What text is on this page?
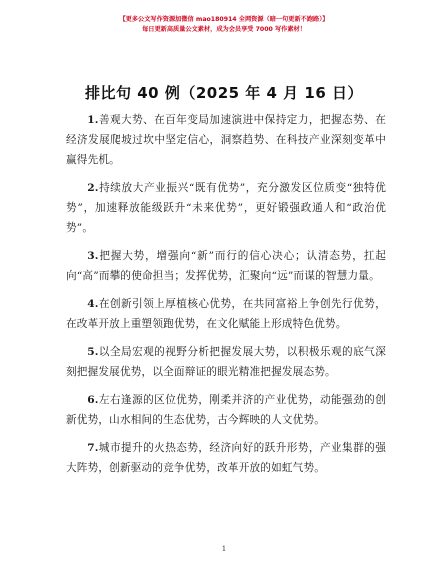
【更多公文写作资源加微信 mao180914 全网资源（暗一句更新不跑路）】
每日更新高质量公文素材，成为会员享受 7000 写作素材！
排比句 40 例（2025 年 4 月 16 日）

1.善观大势、在百年变局加速演进中保持定力，把握态势、在经济发展爬坡过坎中坚定信心，洞察趋势、在科技产业深刻变革中赢得先机。

2.持续放大产业振兴“既有优势”，充分激发区位质变“独特优势”，加速释放能级跃升“未来优势”，更好锻强政通人和“政治优势”。

3.把握大势，增强向“新”而行的信心决心；认清态势，扛起向“高”而攀的使命担当；发挥优势，汇聚向“远”而谋的智慧力量。

4.在创新引领上厚植核心优势，在共同富裕上争创先行优势，在改革开放上重塑领跑优势，在文化赋能上形成特色优势。

5.以全局宏观的视野分析把握发展大势，以积极乐观的底气深刻把握发展优势，以全面辩证的眼光精准把握发展态势。

6.左右逢源的区位优势，刚柔并济的产业优势，动能强劲的创新优势，山水相间的生态优势，古今辉映的人文优势。

7.城市提升的火热态势，经济向好的跃升形势，产业集群的强大阵势，创新驱动的竞争优势，改革开放的如虹气势。

1
